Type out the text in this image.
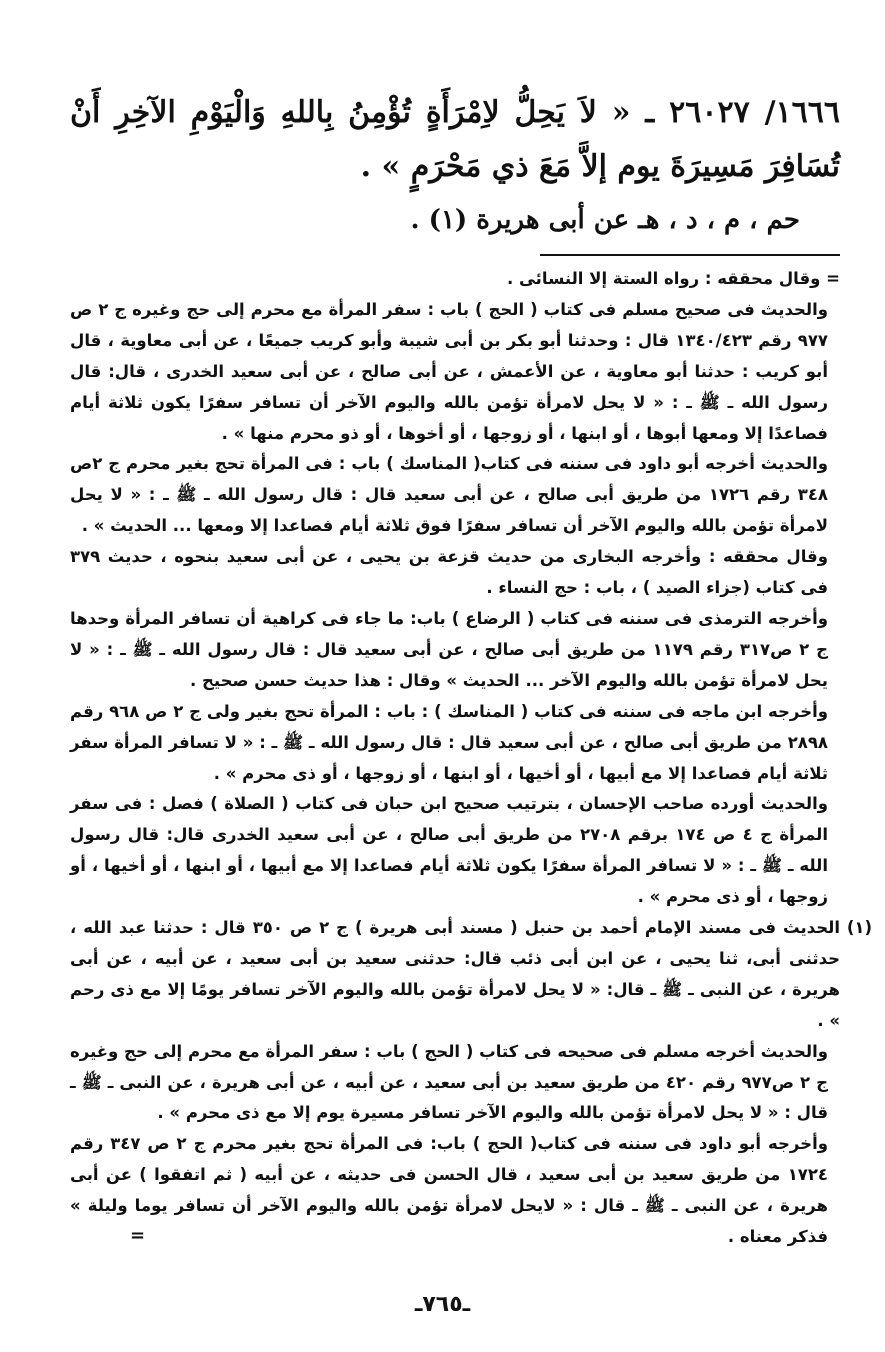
١٦٦٦/ ٢٦٠٢٧ ـ « لاَ يَحِلُّ لاِمْرَأَةٍ تُؤْمِنُ بِاللهِ وَالْيَوْمِ الآخِرِ أَنْ تُسَافِرَ مَسِيرَةَ يوم إلاَّ مَعَ ذي مَحْرَمٍ » .

حم ، م ، د ، هـ عن أبى هريرة (١) .

= وقال محققه : رواه الستة إلا النسائى .

والحديث فى صحيح مسلم فى كتاب ( الحج ) باب : سفر المرأة مع محرم إلى حج وغيره ج ٢ ص ٩٧٧ رقم ١٣٤٠/٤٢٣ قال : وحدثنا أبو بكر بن أبى شيبة وأبو كريب جميعًا ، عن أبى معاوية ، قال أبو كريب : حدثنا أبو معاوية ، عن الأعمش ، عن أبى صالح ، عن أبى سعيد الخدرى ، قال: قال رسول الله ـ ﷺ ـ : « لا يحل لامرأة تؤمن بالله واليوم الآخر أن تسافر سفرًا يكون ثلاثة أيام فصاعدًا إلا ومعها أبوها ، أو ابنها ، أو زوجها ، أو أخوها ، أو ذو محرم منها » .

والحديث أخرجه أبو داود فى سننه فى كتاب( المناسك ) باب : فى المرأة تحج بغير محرم ج ٢ص ٣٤٨ رقم ١٧٢٦ من طريق أبى صالح ، عن أبى سعيد قال : قال رسول الله ـ ﷺ ـ : « لا يحل لامرأة تؤمن بالله واليوم الآخر أن تسافر سفرًا فوق ثلاثة أيام فصاعدا إلا ومعها ... الحديث » .

وقال محققه : وأخرجه البخارى من حديث قزعة بن يحيى ، عن أبى سعيد بنحوه ، حديث ٣٧٩ فى كتاب (جزاء الصيد ) ، باب : حج النساء .

وأخرجه الترمذى فى سننه فى كتاب ( الرضاع ) باب: ما جاء فى كراهية أن تسافر المرأة وحدها ج ٢ ص٣١٧ رقم ١١٧٩ من طريق أبى صالح ، عن أبى سعيد قال : قال رسول الله ـ ﷺ ـ : « لا يحل لامرأة تؤمن بالله واليوم الآخر ... الحديث » وقال : هذا حديث حسن صحيح .

وأخرجه ابن ماجه فى سننه فى كتاب ( المناسك ) : باب : المرأة تحج بغير ولى ج ٢ ص ٩٦٨ رقم ٢٨٩٨ من طريق أبى صالح ، عن أبى سعيد قال : قال رسول الله ـ ﷺ ـ : « لا تسافر المرأة سفر ثلاثة أيام فصاعدا إلا مع أبيها ، أو أخيها ، أو ابنها ، أو زوجها ، أو ذى محرم » .

والحديث أورده صاحب الإحسان ، بترتيب صحيح ابن حبان فى كتاب ( الصلاة ) فصل : فى سفر المرأة ج ٤ ص ١٧٤ برقم ٢٧٠٨ من طريق أبى صالح ، عن أبى سعيد الخدرى قال: قال رسول الله ـ ﷺ ـ : « لا تسافر المرأة سفرًا يكون ثلاثة أيام فصاعدا إلا مع أبيها ، أو ابنها ، أو أخيها ، أو زوجها ، أو ذى محرم » .

(١)

الحديث فى مسند الإمام أحمد بن حنبل ( مسند أبى هريرة ) ج ٢ ص ٣٥٠ قال : حدثنا عبد الله ، حدثنى أبى، ثنا يحيى ، عن ابن أبى ذئب قال: حدثنى سعيد بن أبى سعيد ، عن أبيه ، عن أبى هريرة ، عن النبى ـ ﷺ ـ قال: « لا يحل لامرأة تؤمن بالله واليوم الآخر تسافر يومًا إلا مع ذى رحم » .

والحديث أخرجه مسلم فى صحيحه فى كتاب ( الحج ) باب : سفر المرأة مع محرم إلى حج وغيره ج ٢ ص٩٧٧ رقم ٤٢٠ من طريق سعيد بن أبى سعيد ، عن أبيه ، عن أبى هريرة ، عن النبى ـ ﷺ ـ قال : « لا يحل لامرأة تؤمن بالله واليوم الآخر تسافر مسيرة يوم إلا مع ذى محرم » .

وأخرجه أبو داود فى سننه فى كتاب( الحج ) باب: فى المرأة تحج بغير محرم ج ٢ ص ٣٤٧ رقم ١٧٢٤ من طريق سعيد بن أبى سعيد ، قال الحسن فى حديثه ، عن أبيه ( ثم اتفقوا ) عن أبى هريرة ، عن النبى ـ ﷺ ـ قال : « لايحل لامرأة تؤمن بالله واليوم الآخر أن تسافر يوما وليلة » فذكر معناه .

=
ـ٧٦٥ـ
